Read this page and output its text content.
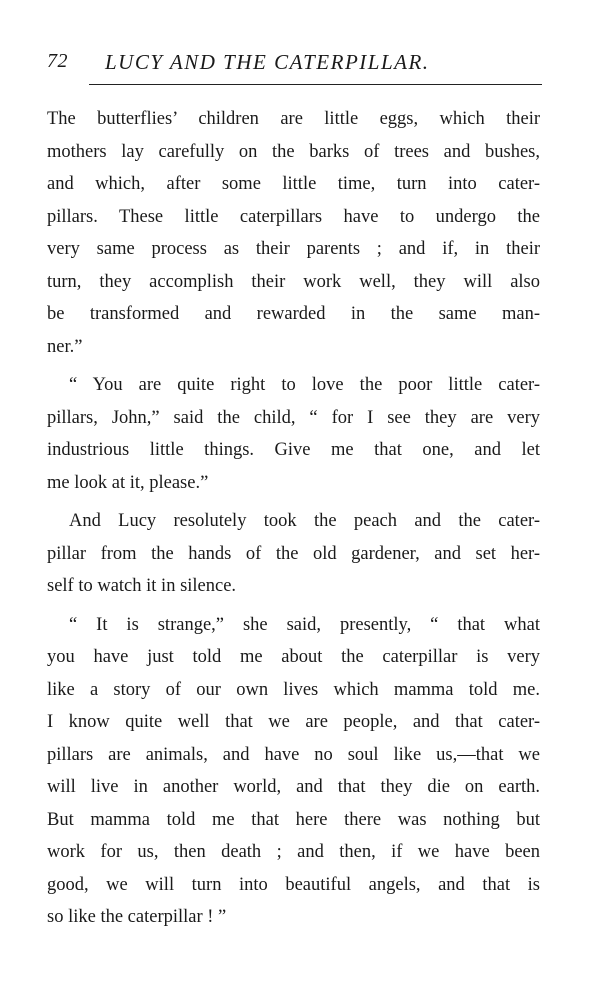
72 LUCY AND THE CATERPILLAR.
The butterflies’ children are little eggs, which their
mothers lay carefully on the barks of trees and bushes,
and which, after some little time, turn into cater-
pillars. These little caterpillars have to undergo the
very same process as their parents ; and if, in their
turn, they accomplish their work well, they will also
be transformed and rewarded in the same man-
ner.”
“ You are quite right to love the poor little cater-
pillars, John,” said the child, “ for I see they are very
industrious little things. Give me that one, and let
me look at it, please.”
And Lucy resolutely took the peach and the cater-
pillar from the hands of the old gardener, and set her-
self to watch it in silence.
“ It is strange,” she said, presently, “ that what
you have just told me about the caterpillar is very
like a story of our own lives which mamma told me.
I know quite well that we are people, and that cater-
pillars are animals, and have no soul like us,—that we
will live in another world, and that they die on earth.
But mamma told me that here there was nothing but
work for us, then death ; and then, if we have been
good, we will turn into beautiful angels, and that is
so like the caterpillar ! ”
